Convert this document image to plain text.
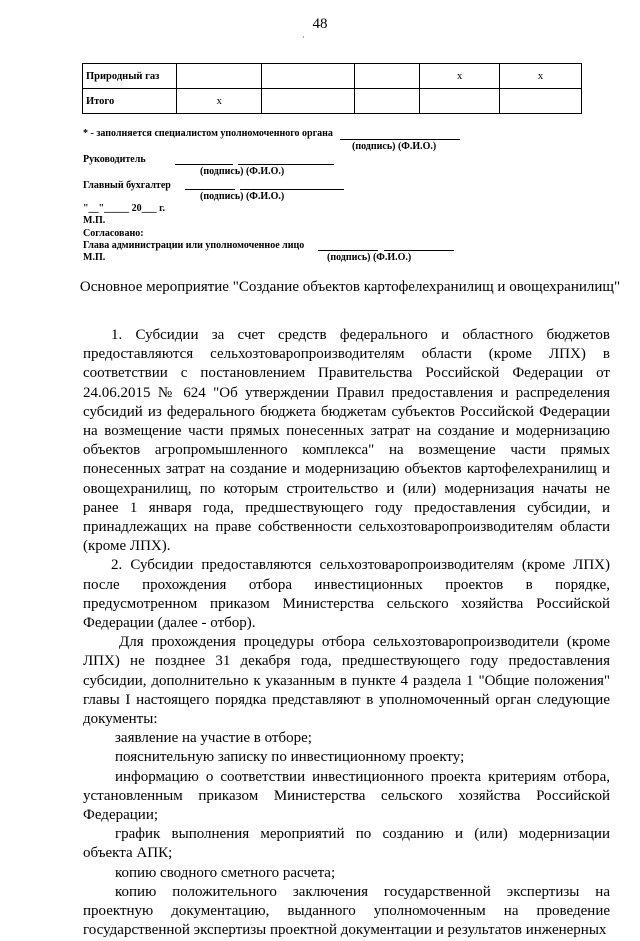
48
·
Природный газ				х	х
Итого	х				
* - заполняется специалистом уполномоченного органа
(подпись) (Ф.И.О.)
Руководитель
(подпись) (Ф.И.О.)
Главный бухгалтер
(подпись) (Ф.И.О.)
"__"_____ 20___ г.
М.П.
Согласовано:
Глава администрации или уполномоченное лицо
М.П.	(подпись) (Ф.И.О.)
Основное мероприятие "Создание объектов картофелехранилищ и овощехранилищ"

1. Субсидии за счет средств федерального и областного бюджетов предоставляются сельхозтоваропроизводителям области (кроме ЛПХ) в соответствии с постановлением Правительства Российской Федерации от 24.06.2015 № 624 "Об утверждении Правил предоставления и распределения субсидий из федерального бюджета бюджетам субъектов Российской Федерации на возмещение части прямых понесенных затрат на создание и модернизацию объектов агропромышленного комплекса" на возмещение части прямых понесенных затрат на создание и модернизацию объектов картофелехранилищ и овощехранилищ, по которым строительство и (или) модернизация начаты не ранее 1 января года, предшествующего году предоставления субсидии, и принадлежащих на праве собственности сельхозтоваропроизводителям области (кроме ЛПХ).

2. Субсидии предоставляются сельхозтоваропроизводителям (кроме ЛПХ) после прохождения отбора инвестиционных проектов в порядке, предусмотренном приказом Министерства сельского хозяйства Российской Федерации (далее - отбор).

Для прохождения процедуры отбора сельхозтоваропроизводители (кроме ЛПХ) не позднее 31 декабря года, предшествующего году предоставления субсидии, дополнительно к указанным в пункте 4 раздела 1 "Общие положения" главы I настоящего порядка представляют в уполномоченный орган следующие документы:

заявление на участие в отборе;

пояснительную записку по инвестиционному проекту;

информацию о соответствии инвестиционного проекта критериям отбора, установленным приказом Министерства сельского хозяйства Российской Федерации;

график выполнения мероприятий по созданию и (или) модернизации объекта АПК;

копию сводного сметного расчета;

копию положительного заключения государственной экспертизы на проектную документацию, выданного уполномоченным на проведение государственной экспертизы проектной документации и результатов инженерных
